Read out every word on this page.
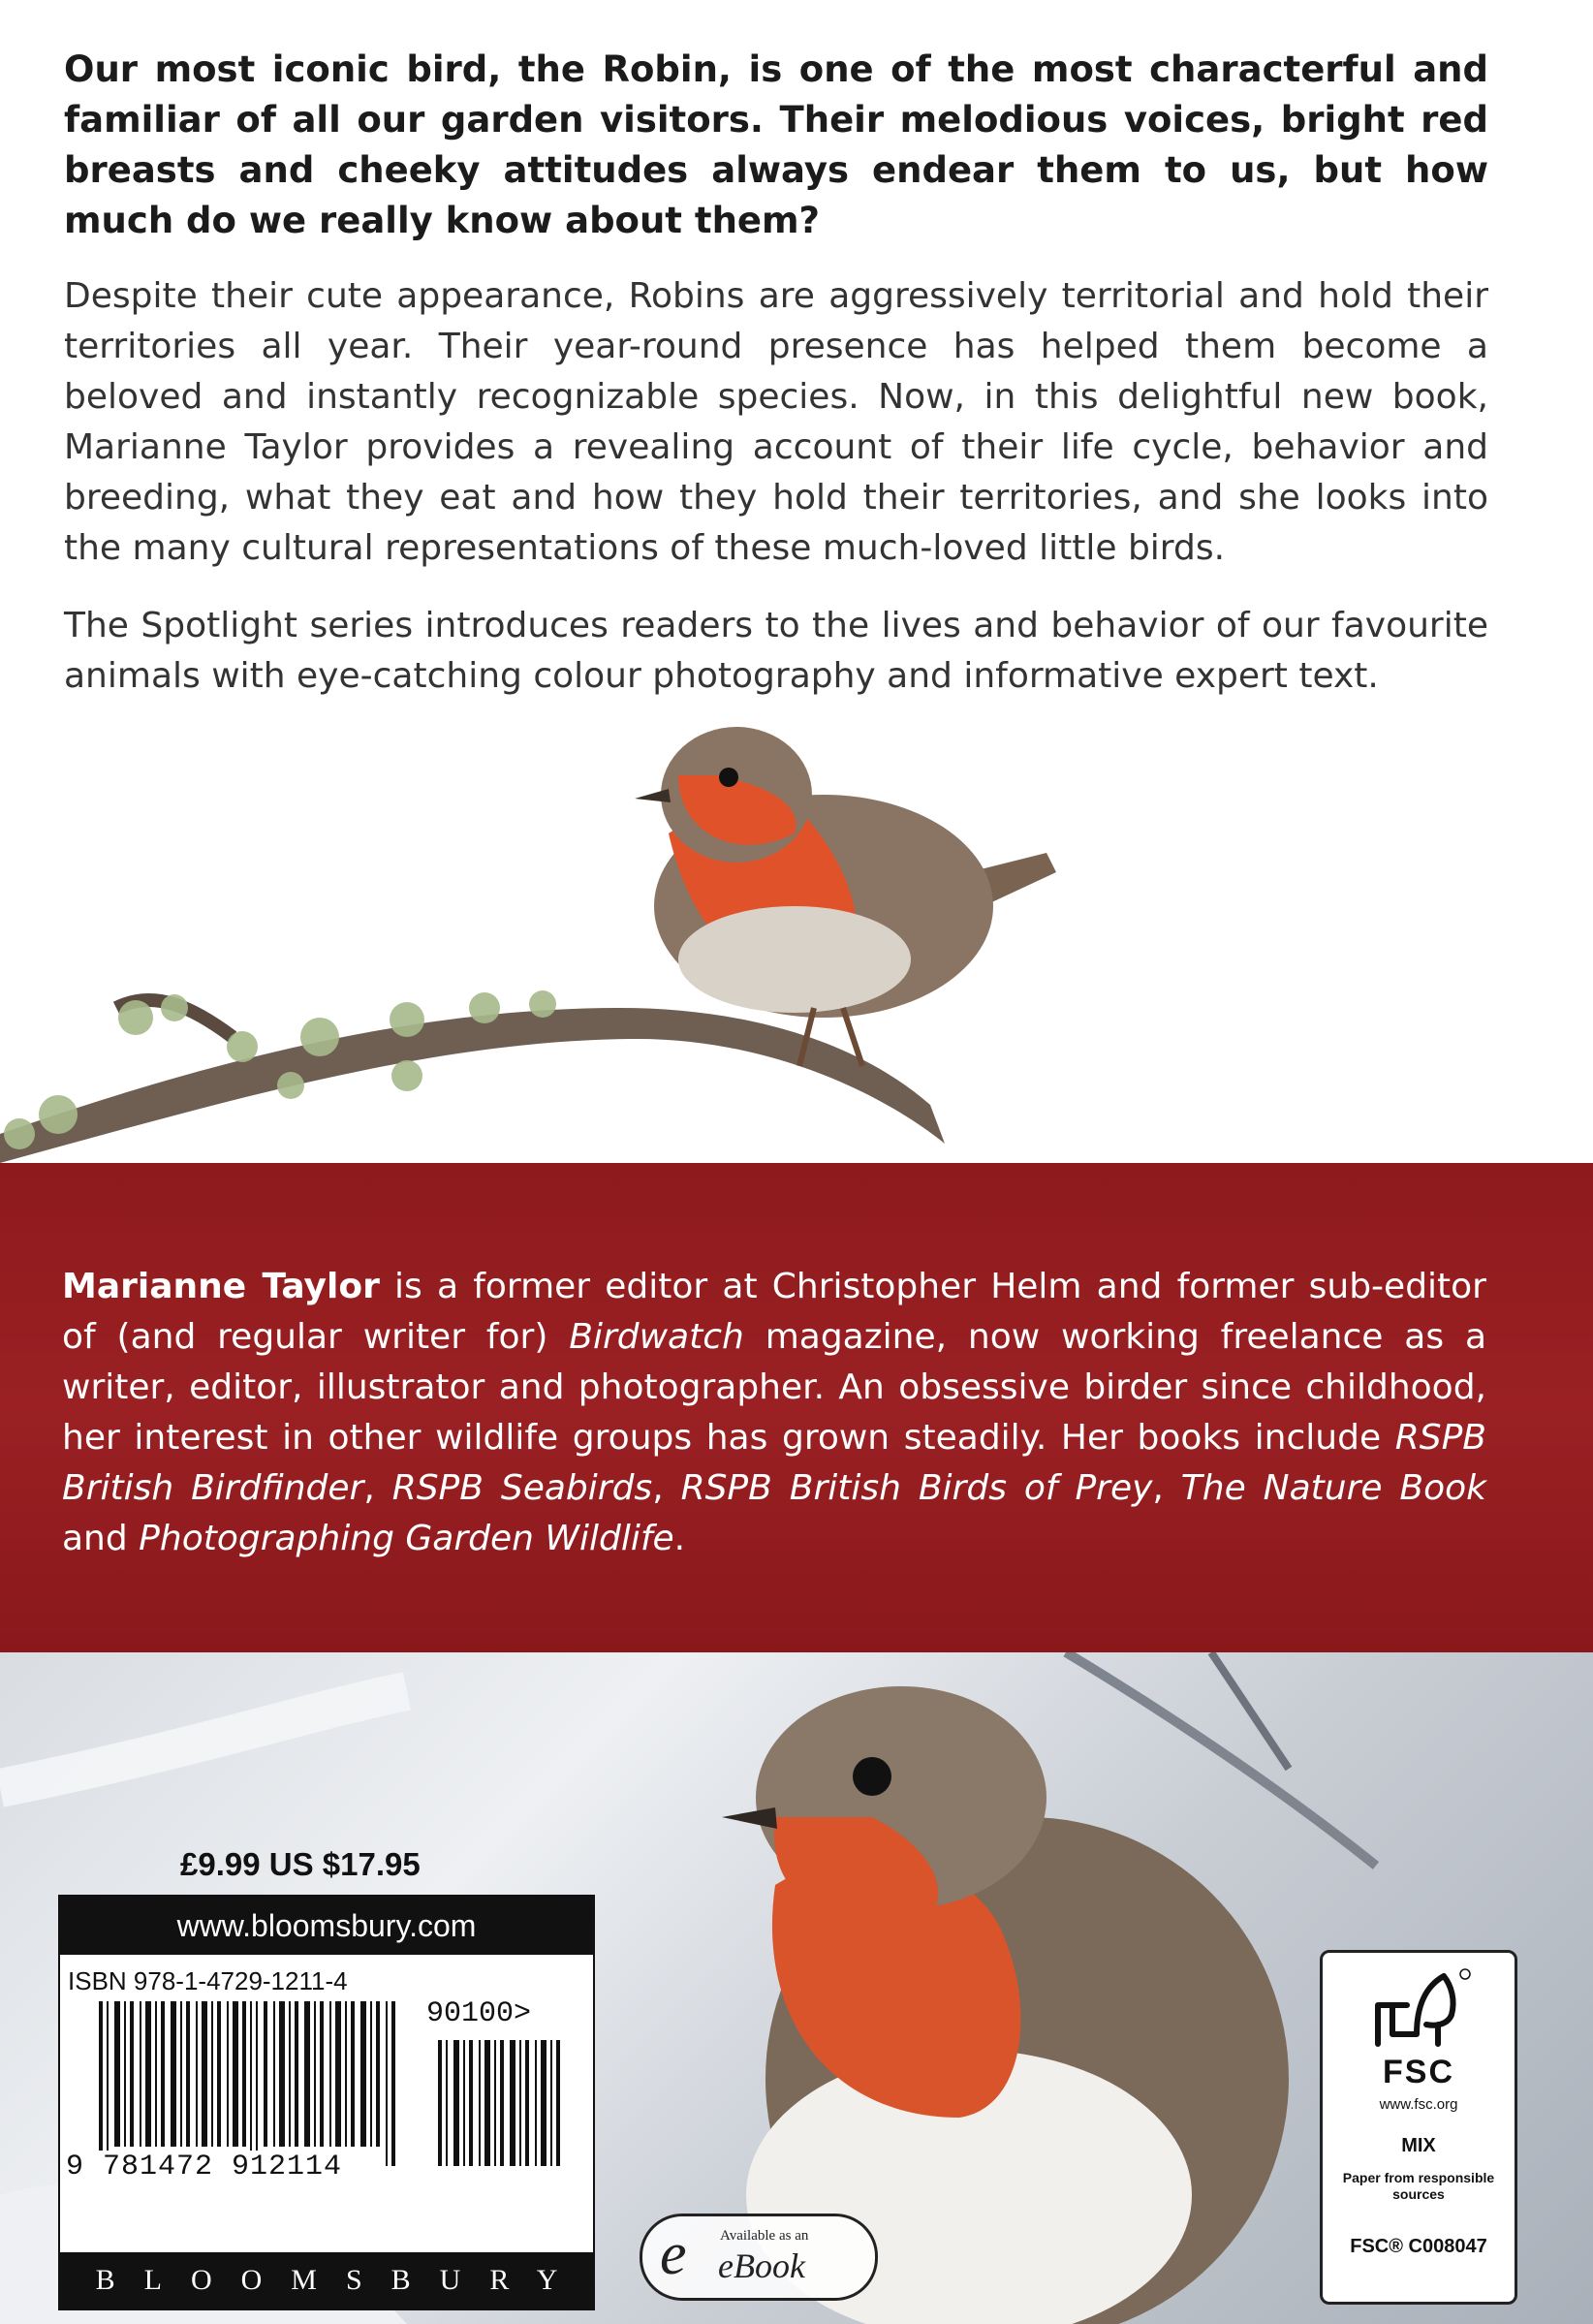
Our most iconic bird, the Robin, is one of the most characterful and familiar of all our garden visitors. Their melodious voices, bright red breasts and cheeky attitudes always endear them to us, but how much do we really know about them?

Despite their cute appearance, Robins are aggressively territorial and hold their territories all year. Their year-round presence has helped them become a beloved and instantly recognizable species. Now, in this delightful new book, Marianne Taylor provides a revealing account of their life cycle, behavior and breeding, what they eat and how they hold their territories, and she looks into the many cultural representations of these much-loved little birds.

The Spotlight series introduces readers to the lives and behavior of our favourite animals with eye-catching colour photography and informative expert text.

Marianne Taylor is a former editor at Christopher Helm and former sub-editor of (and regular writer for) Birdwatch magazine, now working freelance as a writer, editor, illustrator and photographer. An obsessive birder since childhood, her interest in other wildlife groups has grown steadily. Her books include RSPB British Birdfinder, RSPB Seabirds, RSPB British Birds of Prey, The Nature Book and Photographing Garden Wildlife.
£9.99 US $17.95
www.bloomsbury.com
ISBN 978-1-4729-1211-4
90100>
9 781472 912114
BLOOMSBURY e Available as an
eBook
FSC
www.fsc.org
MIX
Paper from responsible sources
FSC® C008047
